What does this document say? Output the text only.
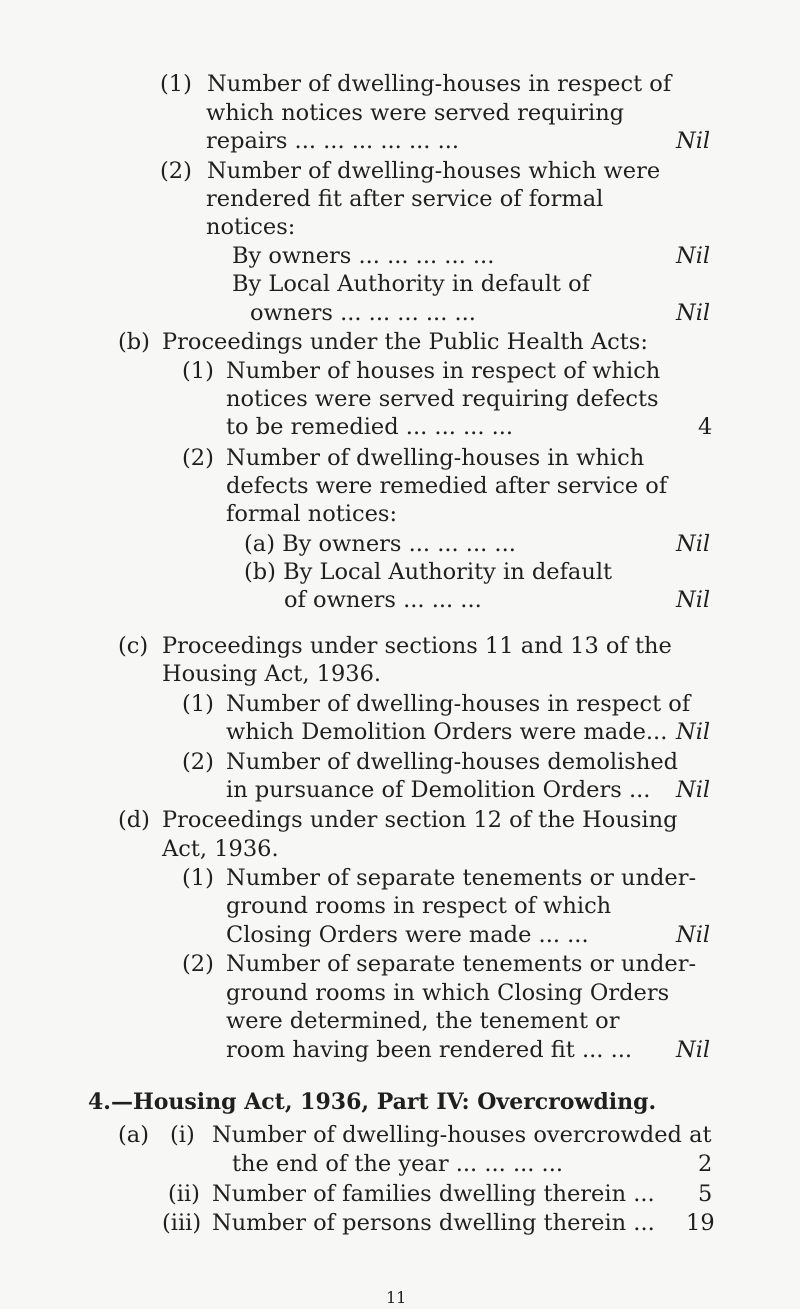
(1) Number of dwelling-houses in respect of
which notices were served requiring
repairs ... ... ... ... ... ...	Nil
(2) Number of dwelling-houses which were
rendered fit after service of formal
notices:
By owners ... ... ... ... ...	Nil
By Local Authority in default of
owners ... ... ... ... ...	Nil
(b) Proceedings under the Public Health Acts:
(1) Number of houses in respect of which
notices were served requiring defects
to be remedied ... ... ... ...	4
(2) Number of dwelling-houses in which
defects were remedied after service of
formal notices:
(a) By owners ... ... ... ...	Nil
(b) By Local Authority in default
of owners ... ... ...	Nil
(c) Proceedings under sections 11 and 13 of the
Housing Act, 1936.
(1) Number of dwelling-houses in respect of
which Demolition Orders were made... Nil
(2) Number of dwelling-houses demolished
in pursuance of Demolition Orders ... Nil
(d) Proceedings under section 12 of the Housing
Act, 1936.
(1) Number of separate tenements or under-
ground rooms in respect of which
Closing Orders were made ... ...	Nil
(2) Number of separate tenements or under-
ground rooms in which Closing Orders
were determined, the tenement or
room having been rendered fit ... ... Nil
4.—Housing Act, 1936, Part IV: Overcrowding.
(a) (i) Number of dwelling-houses overcrowded at
the end of the year ... ... ... ...	2
(ii) Number of families dwelling therein ... 5
(iii) Number of persons dwelling therein ... 19
11
